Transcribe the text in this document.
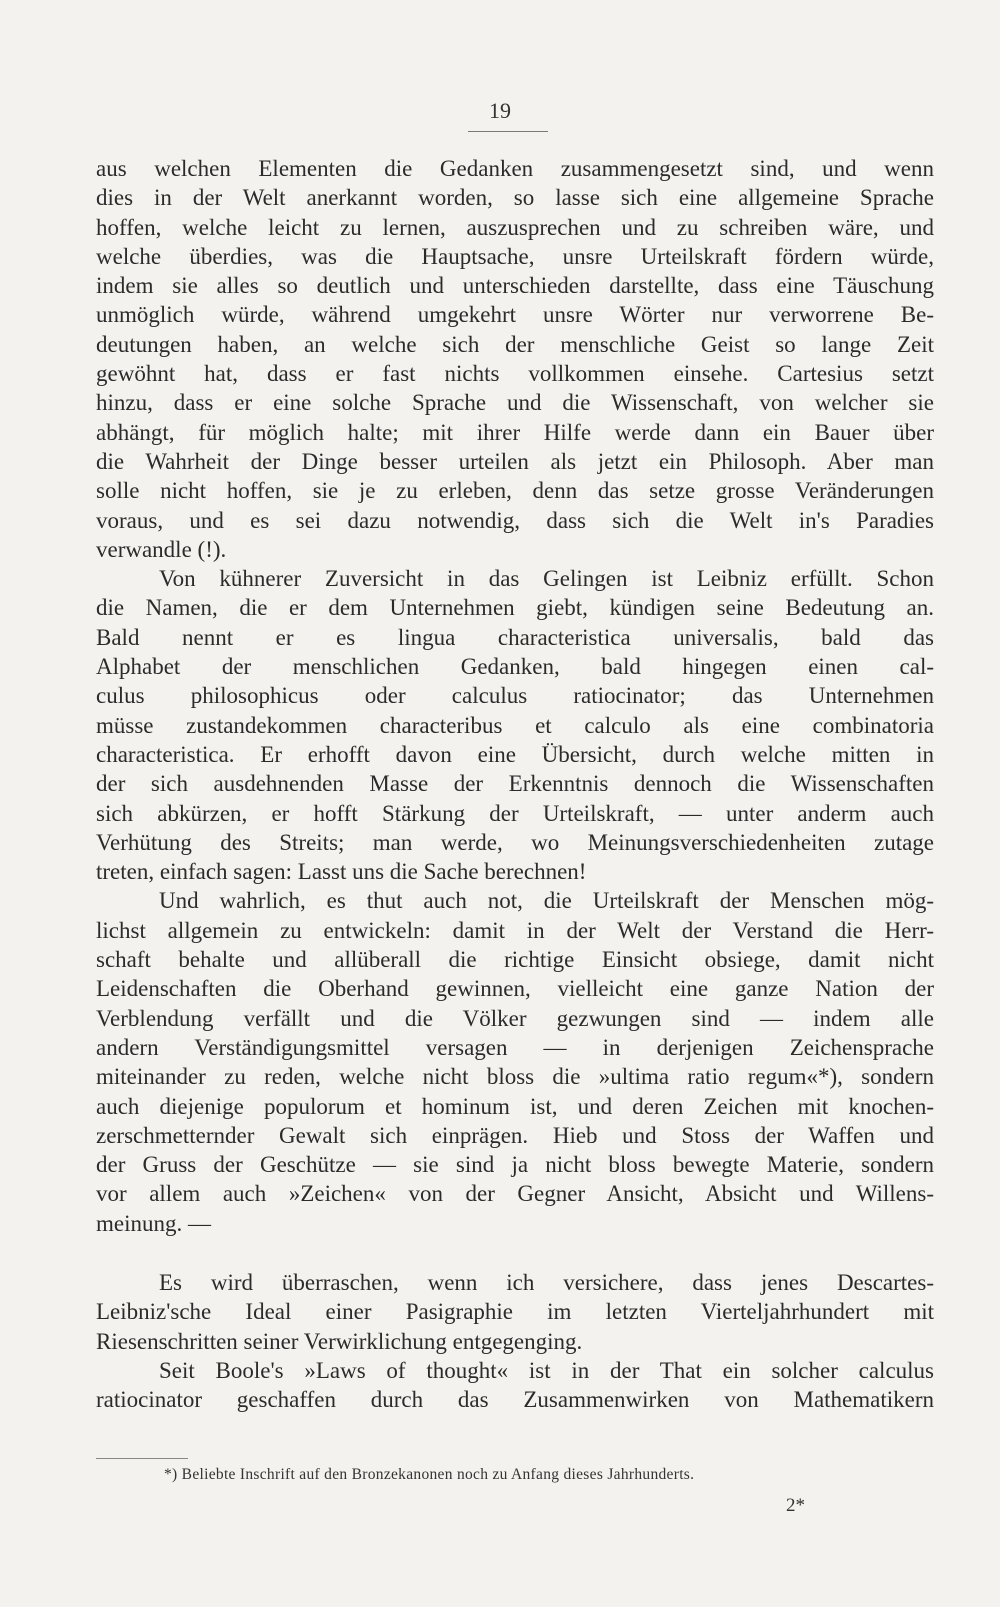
19
aus welchen Elementen die Gedanken zusammengesetzt sind, und wenn
dies in der Welt anerkannt worden, so lasse sich eine allgemeine Sprache
hoffen, welche leicht zu lernen, auszusprechen und zu schreiben wäre, und
welche überdies, was die Hauptsache, unsre Urteilskraft fördern würde,
indem sie alles so deutlich und unterschieden darstellte, dass eine Täuschung
unmöglich würde, während umgekehrt unsre Wörter nur verworrene Be-
deutungen haben, an welche sich der menschliche Geist so lange Zeit
gewöhnt hat, dass er fast nichts vollkommen einsehe. Cartesius setzt
hinzu, dass er eine solche Sprache und die Wissenschaft, von welcher sie
abhängt, für möglich halte; mit ihrer Hilfe werde dann ein Bauer über
die Wahrheit der Dinge besser urteilen als jetzt ein Philosoph. Aber man
solle nicht hoffen, sie je zu erleben, denn das setze grosse Veränderungen
voraus, und es sei dazu notwendig, dass sich die Welt in's Paradies
verwandle (!).
Von kühnerer Zuversicht in das Gelingen ist Leibniz erfüllt. Schon
die Namen, die er dem Unternehmen giebt, kündigen seine Bedeutung an.
Bald nennt er es lingua characteristica universalis, bald das
Alphabet der menschlichen Gedanken, bald hingegen einen cal-
culus philosophicus oder calculus ratiocinator; das Unternehmen
müsse zustandekommen characteribus et calculo als eine combinatoria
characteristica. Er erhofft davon eine Übersicht, durch welche mitten in
der sich ausdehnenden Masse der Erkenntnis dennoch die Wissenschaften
sich abkürzen, er hofft Stärkung der Urteilskraft, — unter anderm auch
Verhütung des Streits; man werde, wo Meinungsverschiedenheiten zutage
treten, einfach sagen: Lasst uns die Sache berechnen!
Und wahrlich, es thut auch not, die Urteilskraft der Menschen mög-
lichst allgemein zu entwickeln: damit in der Welt der Verstand die Herr-
schaft behalte und allüberall die richtige Einsicht obsiege, damit nicht
Leidenschaften die Oberhand gewinnen, vielleicht eine ganze Nation der
Verblendung verfällt und die Völker gezwungen sind — indem alle
andern Verständigungsmittel versagen — in derjenigen Zeichensprache
miteinander zu reden, welche nicht bloss die »ultima ratio regum«*), sondern
auch diejenige populorum et hominum ist, und deren Zeichen mit knochen-
zerschmetternder Gewalt sich einprägen. Hieb und Stoss der Waffen und
der Gruss der Geschütze — sie sind ja nicht bloss bewegte Materie, sondern
vor allem auch »Zeichen« von der Gegner Ansicht, Absicht und Willens-
meinung. —
Es wird überraschen, wenn ich versichere, dass jenes Descartes-
Leibniz'sche Ideal einer Pasigraphie im letzten Vierteljahrhundert mit
Riesenschritten seiner Verwirklichung entgegenging.
Seit Boole's »Laws of thought« ist in der That ein solcher calculus
ratiocinator geschaffen durch das Zusammenwirken von Mathematikern
*) Beliebte Inschrift auf den Bronzekanonen noch zu Anfang dieses Jahrhunderts.
2*
